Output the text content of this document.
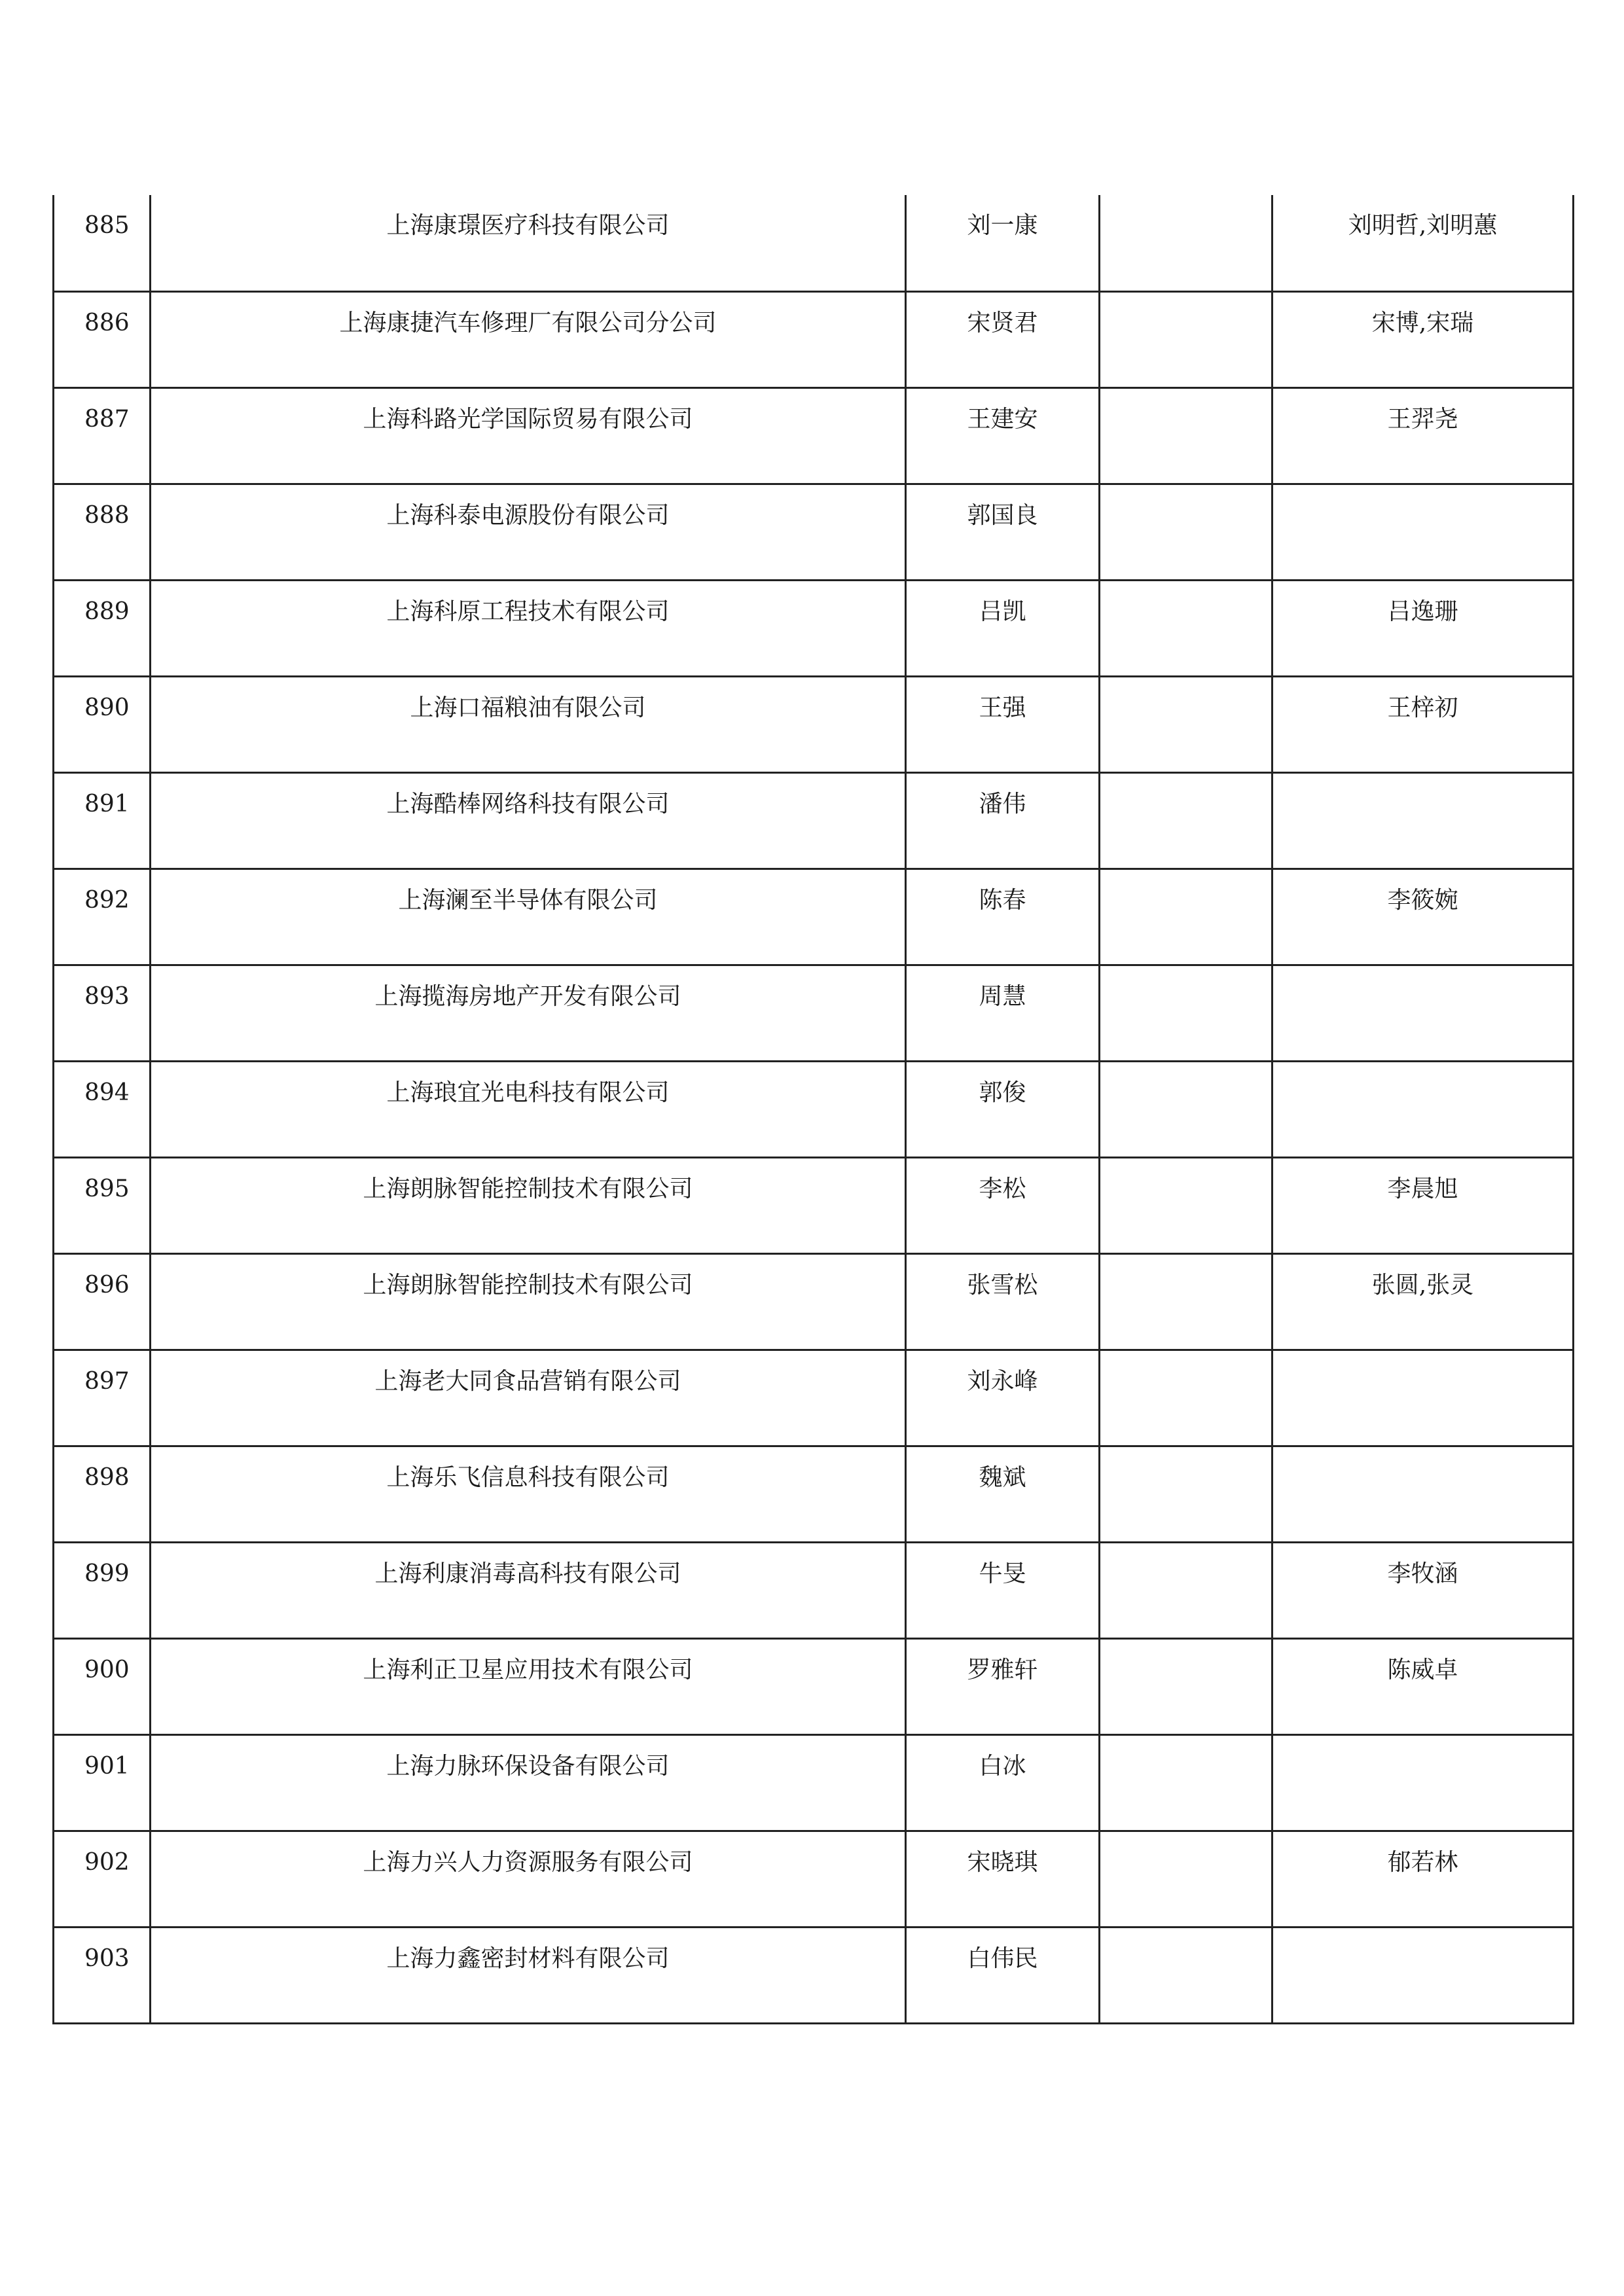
885	上海康璟医疗科技有限公司	刘一康		刘明哲,刘明蕙
886	上海康捷汽车修理厂有限公司分公司	宋贤君		宋博,宋瑞
887	上海科路光学国际贸易有限公司	王建安		王羿尧
888	上海科泰电源股份有限公司	郭国良		
889	上海科原工程技术有限公司	吕凯		吕逸珊
890	上海口福粮油有限公司	王强		王梓初
891	上海酷棒网络科技有限公司	潘伟		
892	上海澜至半导体有限公司	陈春		李筱婉
893	上海揽海房地产开发有限公司	周慧		
894	上海琅宜光电科技有限公司	郭俊		
895	上海朗脉智能控制技术有限公司	李松		李晨旭
896	上海朗脉智能控制技术有限公司	张雪松		张圆,张灵
897	上海老大同食品营销有限公司	刘永峰		
898	上海乐飞信息科技有限公司	魏斌		
899	上海利康消毒高科技有限公司	牛旻		李牧涵
900	上海利正卫星应用技术有限公司	罗雅轩		陈威卓
901	上海力脉环保设备有限公司	白冰		
902	上海力兴人力资源服务有限公司	宋晓琪		郁若林
903	上海力鑫密封材料有限公司	白伟民		
